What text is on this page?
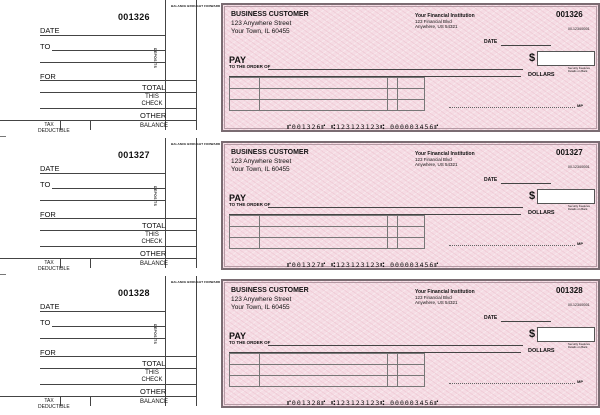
001326
BALANCE BROUGHT FORWARD
DEPOSITS
DATE
TO
FOR
TOTAL
THIS
CHECK
OTHER
TAX
DEDUCTIBLE
BALANCE
BUSINESS CUSTOMER
123 Anywhere Street
Your Town, IL 60455
Your Financial Institution
123 Financial Blvd
Anywhere, US 54321
001326
00-1234/0001
DATE
PAY
TO THE ORDER OF
$
DOLLARS
Security Features Details on Back
MP
⑈001326⑈ ⑆123123123⑆ 000003456⑈
001327
BALANCE BROUGHT FORWARD
DEPOSITS
DATE
TO
FOR
TOTAL
THIS
CHECK
OTHER
TAX
DEDUCTIBLE
BALANCE
BUSINESS CUSTOMER
123 Anywhere Street
Your Town, IL 60455
Your Financial Institution
123 Financial Blvd
Anywhere, US 54321
001327
00-1234/0001
DATE
PAY
TO THE ORDER OF
$
DOLLARS
Security Features Details on Back
MP
⑈001327⑈ ⑆123123123⑆ 000003456⑈
001328
BALANCE BROUGHT FORWARD
DEPOSITS
DATE
TO
FOR
TOTAL
THIS
CHECK
OTHER
TAX
DEDUCTIBLE
BALANCE
BUSINESS CUSTOMER
123 Anywhere Street
Your Town, IL 60455
Your Financial Institution
123 Financial Blvd
Anywhere, US 54321
001328
00-1234/0001
DATE
PAY
TO THE ORDER OF
$
DOLLARS
Security Features Details on Back
MP
⑈001328⑈ ⑆123123123⑆ 000003456⑈
